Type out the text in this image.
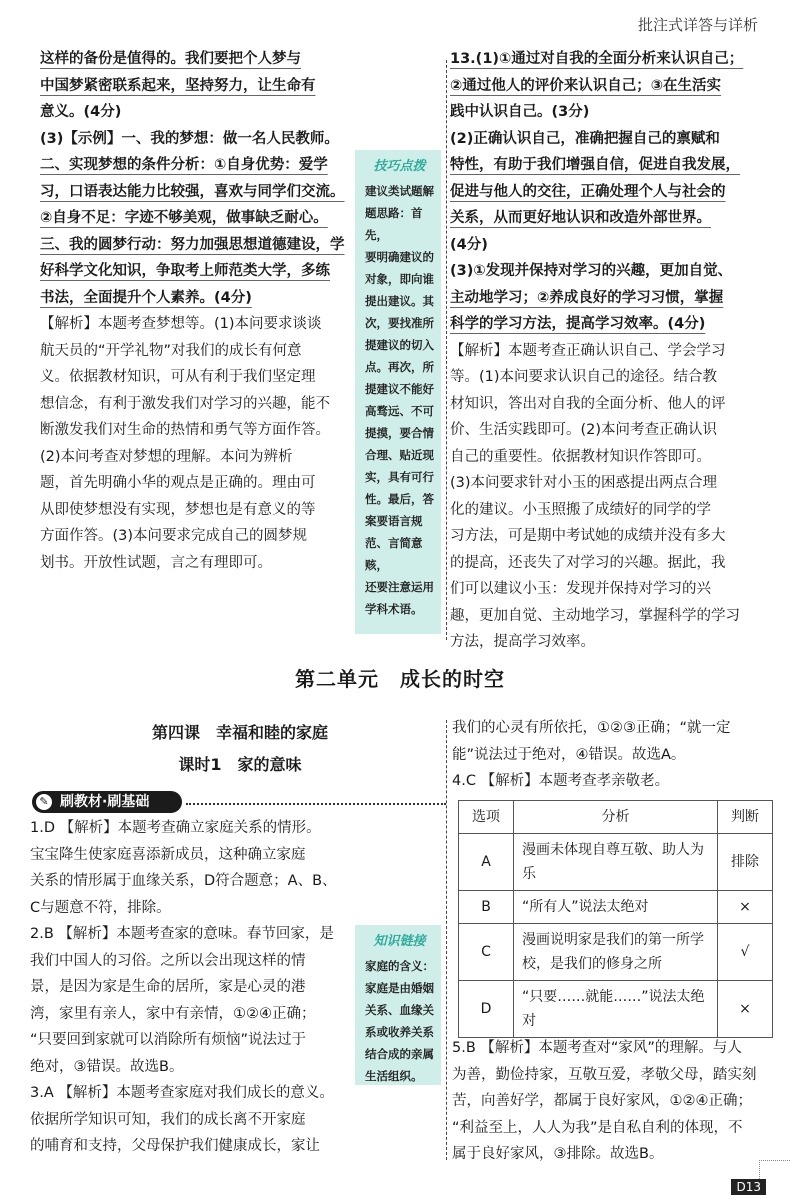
批注式详答与详析

这样的备份是值得的。我们要把个人梦与

中国梦紧密联系起来，坚持努力，让生命有

意义。(4分)

(3)【示例】一、我的梦想：做一名人民教师。

二、实现梦想的条件分析：①自身优势：爱学

习，口语表达能力比较强，喜欢与同学们交流。

②自身不足：字迹不够美观，做事缺乏耐心。

三、我的圆梦行动：努力加强思想道德建设，学

好科学文化知识，争取考上师范类大学，多练

书法，全面提升个人素养。(4分)

【解析】本题考查梦想等。(1)本问要求谈谈

航天员的“开学礼物”对我们的成长有何意

义。依据教材知识，可从有利于我们坚定理

想信念，有利于激发我们对学习的兴趣，能不

断激发我们对生命的热情和勇气等方面作答。

(2)本问考查对梦想的理解。本问为辨析

题，首先明确小华的观点是正确的。理由可

从即使梦想没有实现，梦想也是有意义的等

方面作答。(3)本问要求完成自己的圆梦规

划书。开放性试题，言之有理即可。

技巧点拨
建议类试题解
题思路：首先，
要明确建议的
对象，即向谁
提出建议。其
次，要找准所
提建议的切入
点。再次，所
提建议不能好
高骛远、不可
提摸，要合情
合理、贴近现
实，具有可行
性。最后，答
案要语言规
范、言简意赅，
还要注意运用
学科术语。

13.(1)①通过对自我的全面分析来认识自己；

②通过他人的评价来认识自己；③在生活实

践中认识自己。(3分)

(2)正确认识自己，准确把握自己的禀赋和

特性，有助于我们增强自信，促进自我发展，

促进与他人的交往，正确处理个人与社会的

关系，从而更好地认识和改造外部世界。

(4分)

(3)①发现并保持对学习的兴趣，更加自觉、

主动地学习；②养成良好的学习习惯，掌握

科学的学习方法，提高学习效率。(4分)

【解析】本题考查正确认识自己、学会学习

等。(1)本问要求认识自己的途径。结合教

材知识，答出对自我的全面分析、他人的评

价、生活实践即可。(2)本问考查正确认识

自己的重要性。依据教材知识作答即可。

(3)本问要求针对小玉的困惑提出两点合理

化的建议。小玉照搬了成绩好的同学的学

习方法，可是期中考试她的成绩并没有多大

的提高，还丧失了对学习的兴趣。据此，我

们可以建议小玉：发现并保持对学习的兴

趣，更加自觉、主动地学习，掌握科学的学习

方法，提高学习效率。

第二单元　成长的时空
第四课　幸福和睦的家庭
课时1　家的意味
✎ 刷教材·刷基础

1.D 【解析】本题考查确立家庭关系的情形。

宝宝降生使家庭喜添新成员，这种确立家庭

关系的情形属于血缘关系，D符合题意；A、B、

C与题意不符，排除。

2.B 【解析】本题考查家的意味。春节回家，是

我们中国人的习俗。之所以会出现这样的情

景，是因为家是生命的居所，家是心灵的港

湾，家里有亲人，家中有亲情，①②④正确；

“只要回到家就可以消除所有烦恼”说法过于

绝对，③错误。故选B。

3.A 【解析】本题考查家庭对我们成长的意义。

依据所学知识可知，我们的成长离不开家庭

的哺育和支持，父母保护我们健康成长，家让

知识链接
家庭的含义：
家庭是由婚姻
关系、血缘关
系或收养关系
结合成的亲属
生活组织。

我们的心灵有所依托，①②③正确；“就一定

能”说法过于绝对，④错误。故选A。

4.C 【解析】本题考查孝亲敬老。

选项	分析	判断
A	漫画未体现自尊互敬、助人为乐	排除
B	“所有人”说法太绝对	×
C	漫画说明家是我们的第一所学校，是我们的修身之所	√
D	“只要……就能……”说法太绝对	×

5.B 【解析】本题考查对“家风”的理解。与人

为善，勤俭持家，互敬互爱，孝敬父母，踏实刻

苦，向善好学，都属于良好家风，①②④正确；

“利益至上，人人为我”是自私自利的体现，不

属于良好家风，③排除。故选B。

D13
